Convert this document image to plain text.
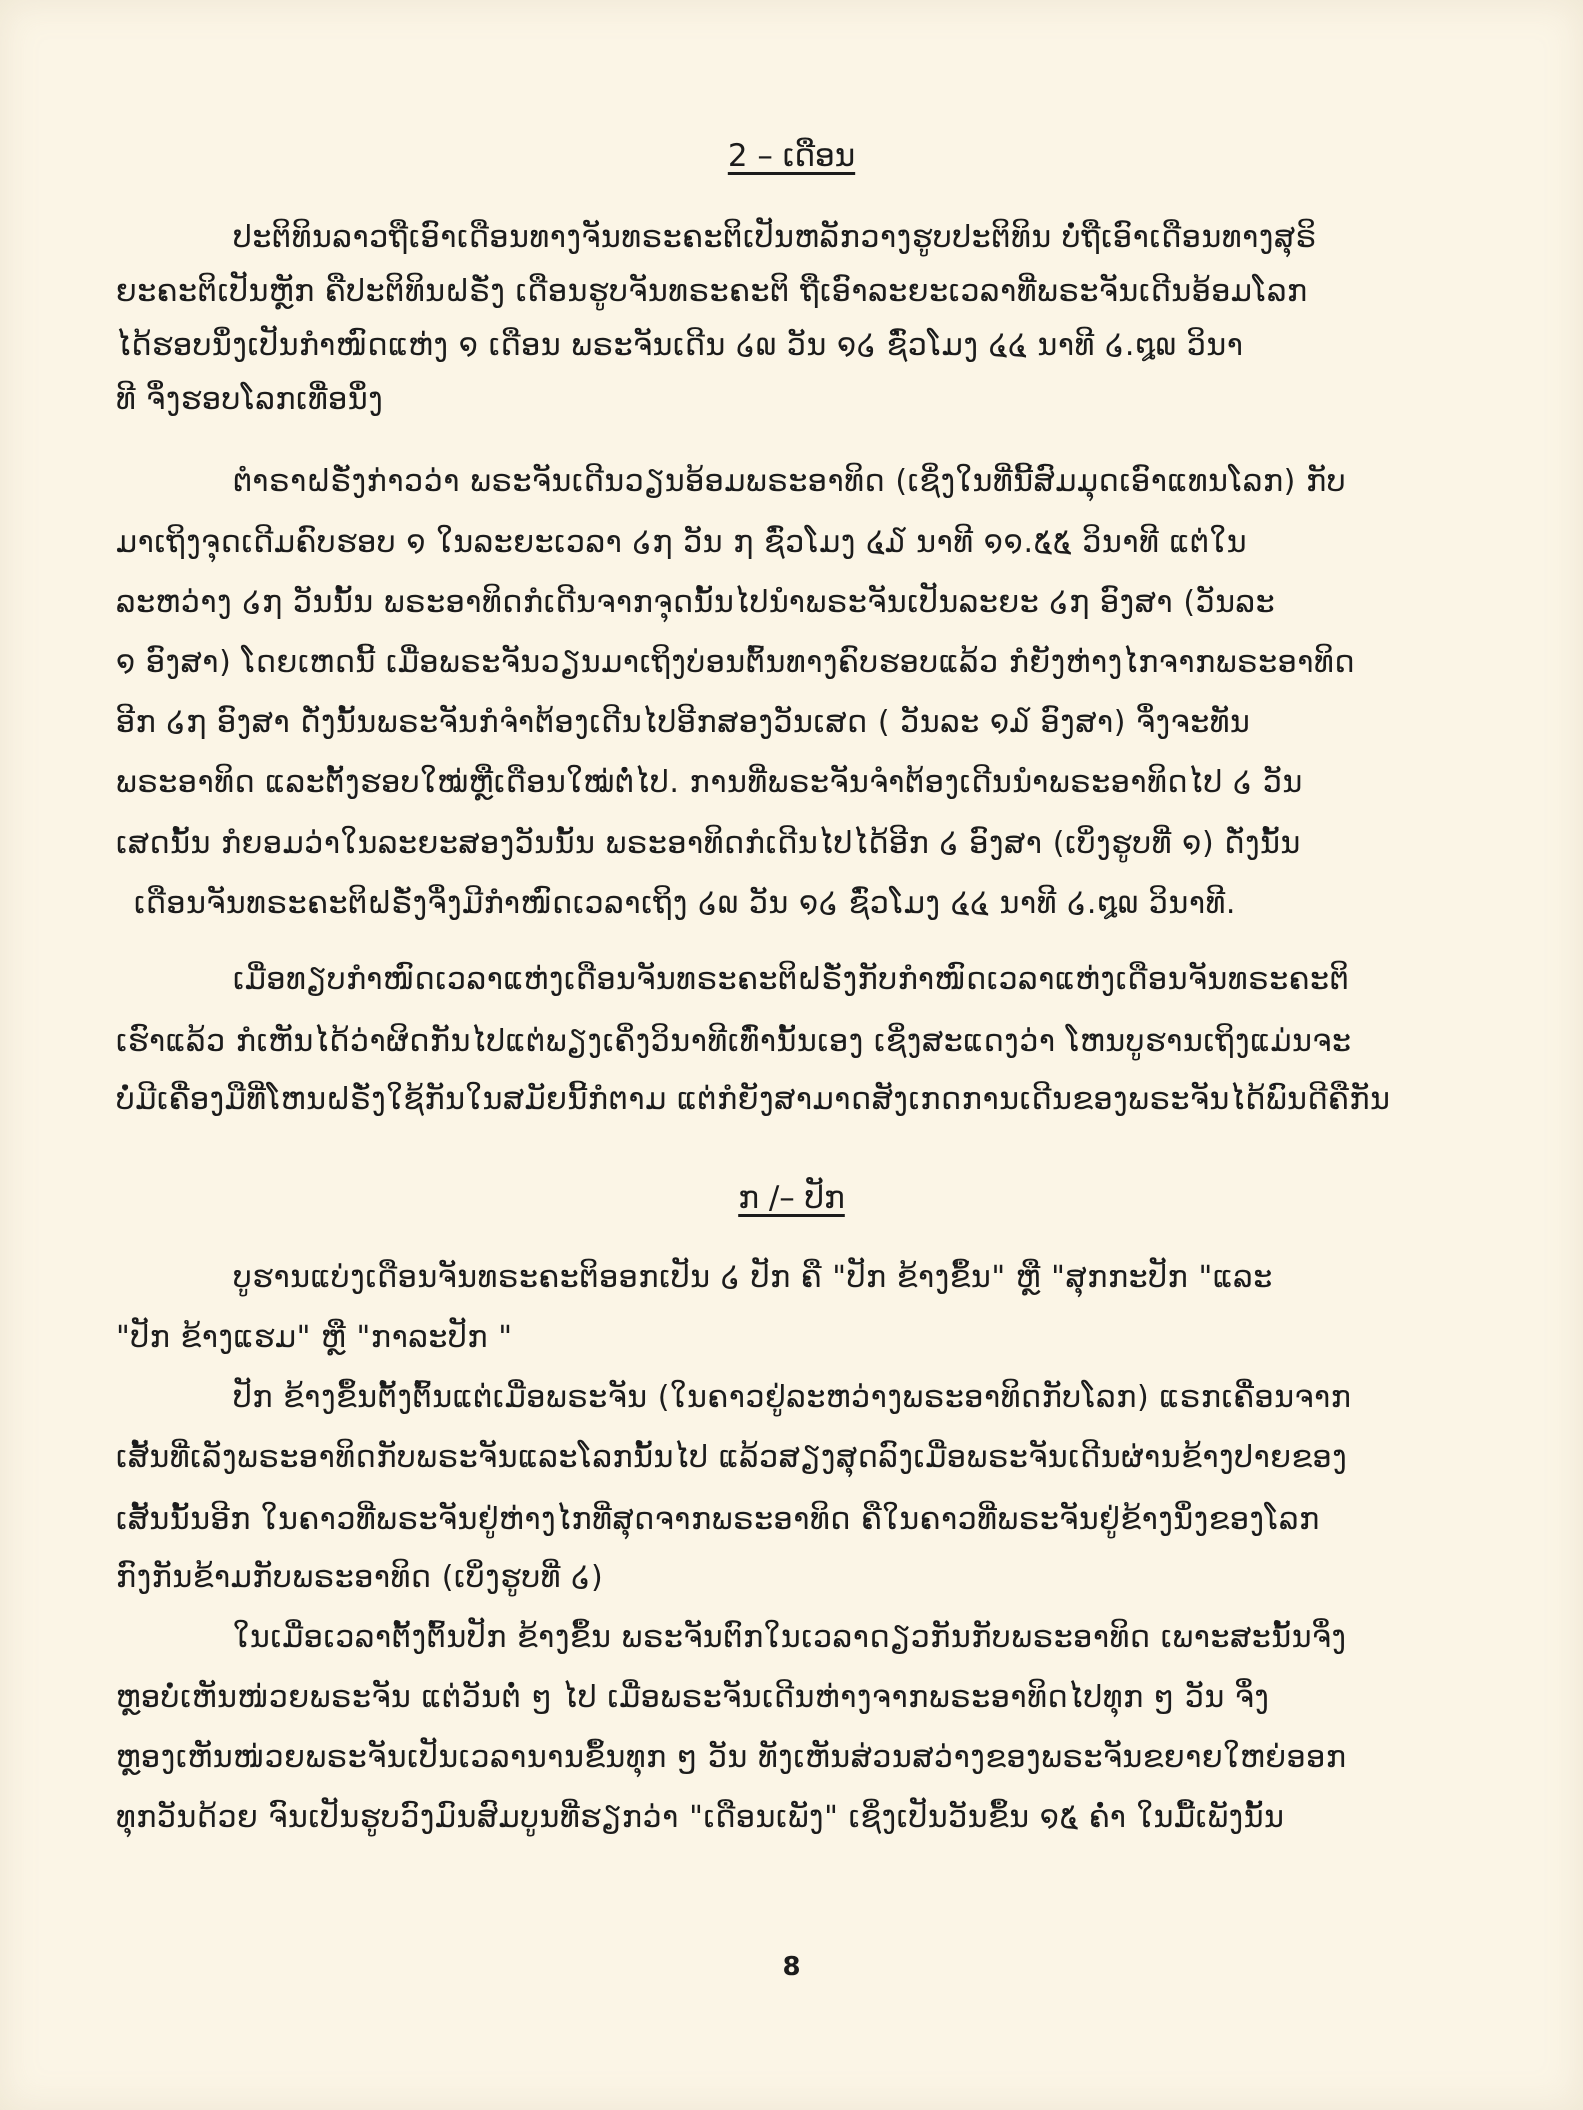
2 – ເດືອນ
ປະຕິທິນລາວຖືເອົາເດືອນທາງຈັນທຣະຄະຕິເປັນຫລັກວາງຮູບປະຕິທິນ ບໍ່ຖືເອົາເດືອນທາງສຸຣິ
ຍະຄະຕິເປັນຫຼັກ ຄືປະຕິທິນຝຣັ່ງ ເດືອນຮູບຈັນທຣະຄະຕິ ຖືເອົາລະຍະເວລາທີ່ພຣະຈັນເດີນອ້ອມໂລກ
ໄດ້ຮອບນຶ່ງເປັນກຳໜົດແຫ່ງ ໑ ເດືອນ ພຣະຈັນເດີນ ໒໙ ວັນ ໑໒ ຊົ່ວໂມງ ໔໔ ນາທີ ໒.໘໙ ວິນາ
ທີ ຈຶ່ງຮອບໂລກເທື່ອນຶ່ງ
ຕຳຣາຝຣັ່ງກ່າວວ່າ ພຣະຈັນເດີນວຽນອ້ອມພຣະອາທິດ (ເຊິ່ງໃນທີ່ນີ້ສົມມຸດເອົາແທນໂລກ) ກັບ
ມາເຖິງຈຸດເດີມຄົບຮອບ ໑ ໃນລະຍະເວລາ ໒໗ ວັນ ໗ ຊົ່ວໂມງ ໔໓ ນາທີ ໑໑.໕໕ ວິນາທີ ແຕ່ໃນ
ລະຫວ່າງ ໒໗ ວັນນັ້ນ ພຣະອາທິດກໍເດີນຈາກຈຸດນັ້ນໄປນຳພຣະຈັນເປັນລະຍະ ໒໗ ອົງສາ (ວັນລະ
໑ ອົງສາ) ໂດຍເຫດນີ້ ເມື່ອພຣະຈັນວຽນມາເຖິງບ່ອນຕົ້ນທາງຄົບຮອບແລ້ວ ກໍຍັງຫ່າງໄກຈາກພຣະອາທິດ
ອີກ ໒໗ ອົງສາ ດັ່ງນັ້ນພຣະຈັນກໍຈຳຕ້ອງເດີນໄປອີກສອງວັນເສດ ( ວັນລະ ໑໓ ອົງສາ) ຈຶ່ງຈະທັນ
ພຣະອາທິດ ແລະຕັ້ງຮອບໃໝ່ຫຼືເດືອນໃໝ່ຕໍ່ໄປ. ການທີ່ພຣະຈັນຈຳຕ້ອງເດີນນຳພຣະອາທິດໄປ ໒ ວັນ
ເສດນັ້ນ ກໍຍອມວ່າໃນລະຍະສອງວັນນັ້ນ ພຣະອາທິດກໍເດີນໄປໄດ້ອີກ ໒ ອົງສາ (ເບິ່ງຮູບທີ່ ໑) ດັ່ງນັ້ນ
ເດືອນຈັນທຣະຄະຕິຝຣັ່ງຈຶ່ງມີກຳໜົດເວລາເຖິງ ໒໙ ວັນ ໑໒ ຊົ່ວໂມງ ໔໔ ນາທີ ໒.໘໙ ວິນາທີ.
ເມື່ອທຽບກຳໜົດເວລາແຫ່ງເດືອນຈັນທຣະຄະຕິຝຣັ່ງກັບກຳໜົດເວລາແຫ່ງເດືອນຈັນທຣະຄະຕິ
ເຮົາແລ້ວ ກໍເຫັນໄດ້ວ່າຜິດກັນໄປແຕ່ພຽງເຄິ່ງວິນາທີເທົ່ານັ້ນເອງ ເຊິ່ງສະແດງວ່າ ໂຫນບູຮານເຖິງແມ່ນຈະ
ບໍ່ມີເຄື່ອງມືທີ່ໂຫນຝຣັ່ງໃຊ້ກັນໃນສມັຍນີ້ກໍຕາມ ແຕ່ກໍຍັງສາມາດສັງເກດການເດີນຂອງພຣະຈັນໄດ້ພົນດີຄືກັນ
ກ /– ປັກ
ບູຮານແບ່ງເດືອນຈັນທຣະຄະຕິອອກເປັນ ໒ ປັກ ຄື "ປັກ ຂ້າງຂຶ້ນ" ຫຼື "ສຸກກະປັກ "ແລະ
"ປັກ ຂ້າງແຮມ" ຫຼື "ກາລະປັກ "
ປັກ ຂ້າງຂຶ້ນຕັ້ງຕົ້ນແຕ່ເມື່ອພຣະຈັນ (ໃນຄາວຢູ່ລະຫວ່າງພຣະອາທິດກັບໂລກ) ແຣກເຄື່ອນຈາກ
ເສັ້ນທີ່ເລັງພຣະອາທິດກັບພຣະຈັນແລະໂລກນັ້ນໄປ ແລ້ວສຽງສຸດລົງເມື່ອພຣະຈັນເດີນຜ່ານຂ້າງປາຍຂອງ
ເສັ້ນນັ້ນອີກ ໃນຄາວທີ່ພຣະຈັນຢູ່ຫ່າງໄກທີ່ສຸດຈາກພຣະອາທິດ ຄືໃນຄາວທີ່ພຣະຈັນຢູ່ຂ້າງນຶ່ງຂອງໂລກ
ກົງກັນຂ້າມກັບພຣະອາທິດ (ເບິ່ງຮູບທີ່ ໒)
ໃນເມື່ອເວລາຕັ້ງຕົ້ນປັກ ຂ້າງຂຶ້ນ ພຣະຈັນຕົກໃນເວລາດຽວກັນກັບພຣະອາທິດ ເພາະສະນັ້ນຈຶ່ງ
ຫຼອບໍ່ເຫັນໜ່ວຍພຣະຈັນ ແຕ່ວັນຕໍ່ ໆ ໄປ ເມື່ອພຣະຈັນເດີນຫ່າງຈາກພຣະອາທິດໄປທຸກ ໆ ວັນ ຈຶ່ງ
ຫຼອງເຫັນໜ່ວຍພຣະຈັນເປັນເວລານານຂຶ້ນທຸກ ໆ ວັນ ທັງເຫັນສ່ວນສວ່າງຂອງພຣະຈັນຂຍາຍໃຫຍ່ອອກ
ທຸກວັນດ້ວຍ ຈົນເປັນຮູບວົງມົນສົມບູນທີ່ຮຽກວ່າ "ເດືອນເພັງ" ເຊິ່ງເປັນວັນຂຶ້ນ ໑໕ ຄ່ຳ ໃນມື້ເພັງນັ້ນ
8
